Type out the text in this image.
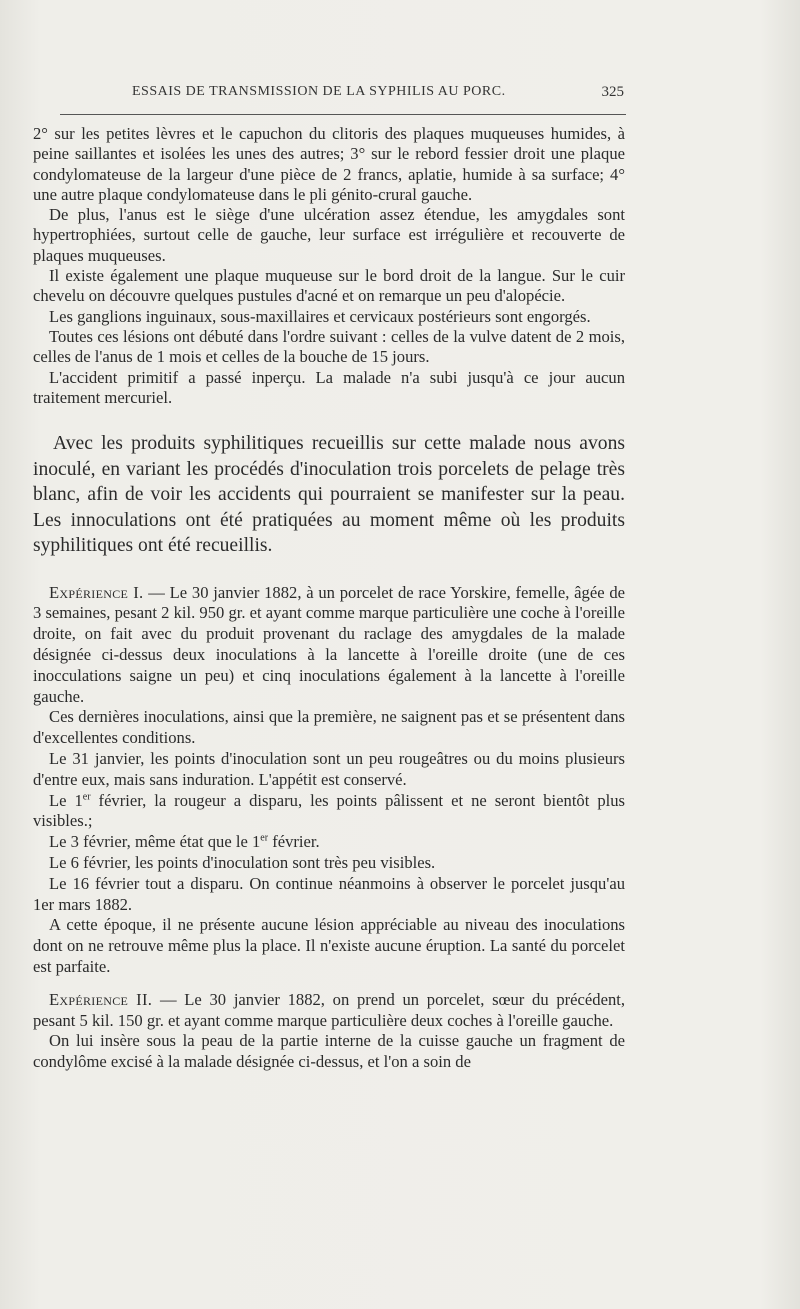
ESSAIS DE TRANSMISSION DE LA SYPHILIS AU PORC.	325

2° sur les petites lèvres et le capuchon du clitoris des plaques muqueuses humides, à peine saillantes et isolées les unes des autres; 3° sur le rebord fessier droit une plaque condylomateuse de la largeur d'une pièce de 2 francs, aplatie, humide à sa surface; 4° une autre plaque condylomateuse dans le pli génito-crural gauche.

De plus, l'anus est le siège d'une ulcération assez étendue, les amygdales sont hypertrophiées, surtout celle de gauche, leur surface est irrégulière et recouverte de plaques muqueuses.

Il existe également une plaque muqueuse sur le bord droit de la langue. Sur le cuir chevelu on découvre quelques pustules d'acné et on remarque un peu d'alopécie.

Les ganglions inguinaux, sous-maxillaires et cervicaux postérieurs sont engorgés.

Toutes ces lésions ont débuté dans l'ordre suivant : celles de la vulve datent de 2 mois, celles de l'anus de 1 mois et celles de la bouche de 15 jours.

L'accident primitif a passé inperçu. La malade n'a subi jusqu'à ce jour aucun traitement mercuriel.

Avec les produits syphilitiques recueillis sur cette malade nous avons inoculé, en variant les procédés d'inoculation trois porcelets de pelage très blanc, afin de voir les accidents qui pourraient se manifester sur la peau. Les innoculations ont été pratiquées au moment même où les produits syphilitiques ont été recueillis.

Expérience I. — Le 30 janvier 1882, à un porcelet de race Yorskire, femelle, âgée de 3 semaines, pesant 2 kil. 950 gr. et ayant comme marque particulière une coche à l'oreille droite, on fait avec du produit provenant du raclage des amygdales de la malade désignée ci-dessus deux inoculations à la lancette à l'oreille droite (une de ces inocculations saigne un peu) et cinq inoculations également à la lancette à l'oreille gauche.

Ces dernières inoculations, ainsi que la première, ne saignent pas et se présentent dans d'excellentes conditions.

Le 31 janvier, les points d'inoculation sont un peu rougeâtres ou du moins plusieurs d'entre eux, mais sans induration. L'appétit est conservé.

Le 1er février, la rougeur a disparu, les points pâlissent et ne seront bientôt plus visibles.;

Le 3 février, même état que le 1er février.

Le 6 février, les points d'inoculation sont très peu visibles.

Le 16 février tout a disparu. On continue néanmoins à observer le porcelet jusqu'au 1er mars 1882.

A cette époque, il ne présente aucune lésion appréciable au niveau des inoculations dont on ne retrouve même plus la place. Il n'existe aucune éruption. La santé du porcelet est parfaite.

Expérience II. — Le 30 janvier 1882, on prend un porcelet, sœur du précédent, pesant 5 kil. 150 gr. et ayant comme marque particulière deux coches à l'oreille gauche.

On lui insère sous la peau de la partie interne de la cuisse gauche un fragment de condylôme excisé à la malade désignée ci-dessus, et l'on a soin de
